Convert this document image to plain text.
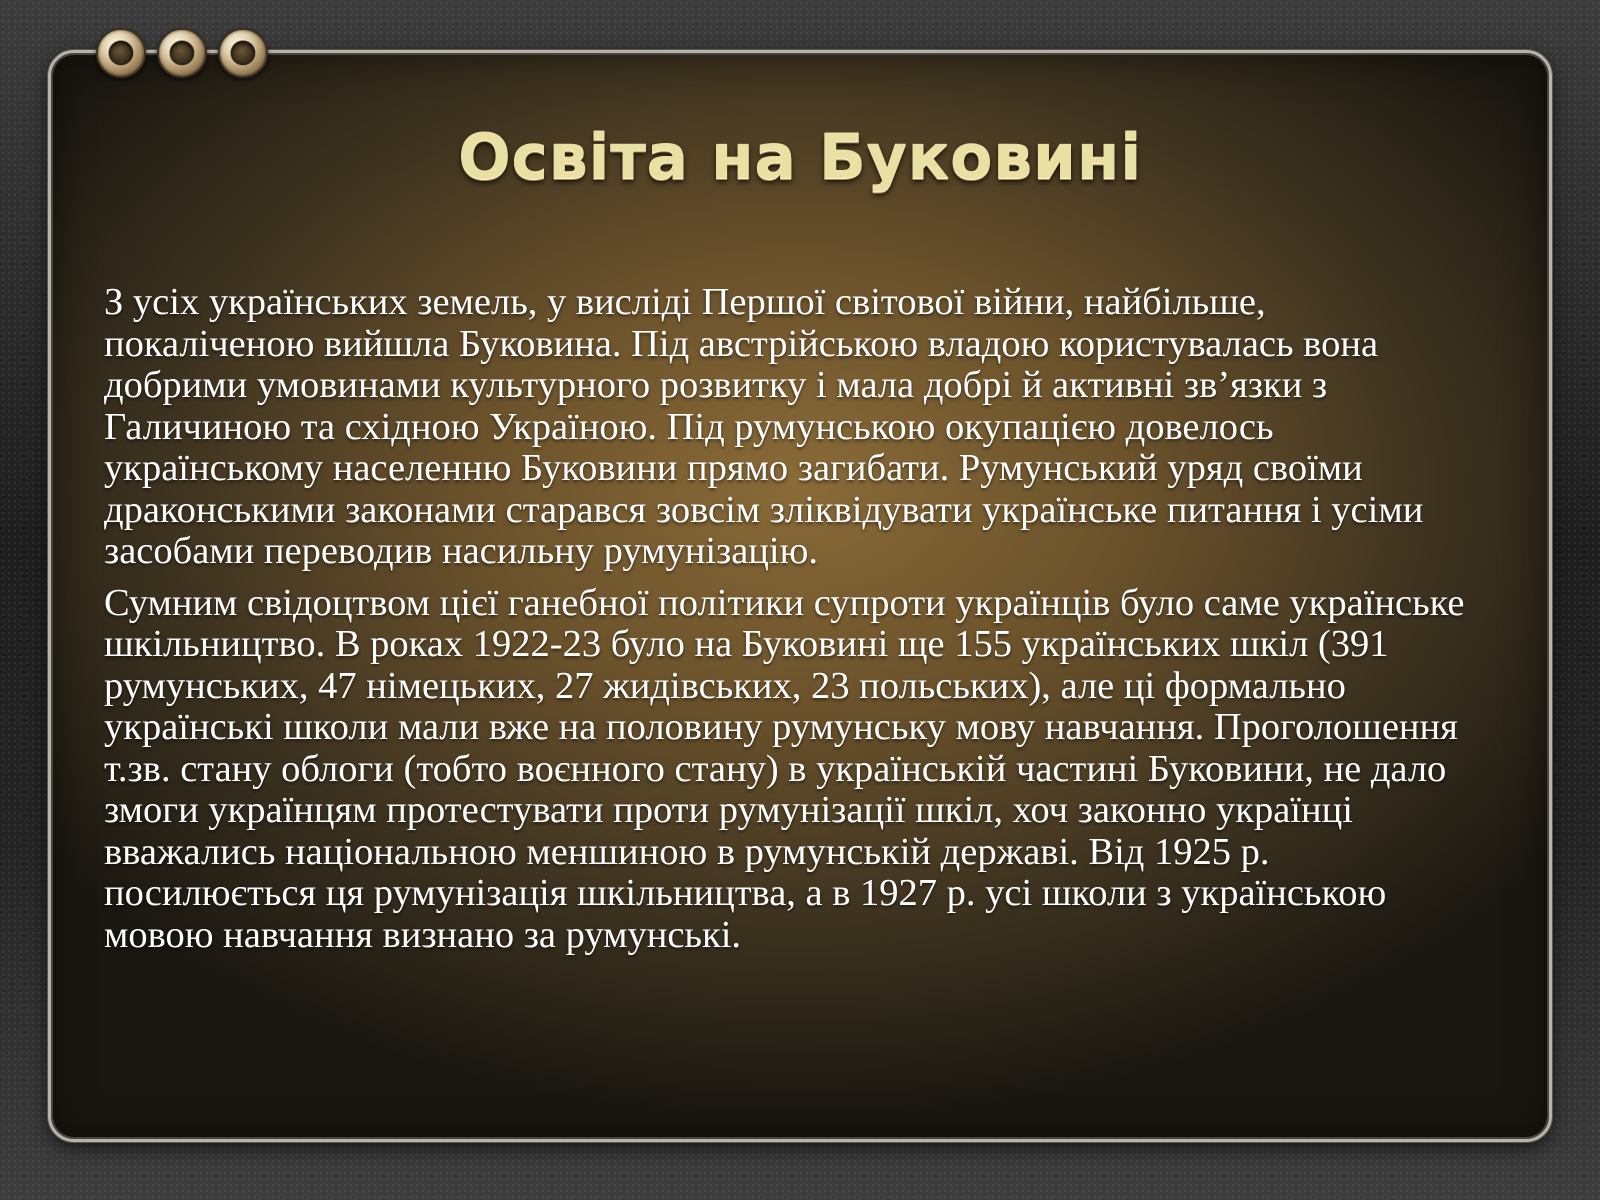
Освіта на Буковині

З усіх українських земель, у висліді Першої світової війни, найбільше, покаліченою вийшла Буковина. Під австрійською владою користувалась вона добрими умовинами культурного розвитку і мала добрі й активні зв’язки з Галичиною та східною Україною. Під румунською окупацією довелось українському населенню Буковини прямо загибати. Румунський уряд своїми драконськими законами старався зовсім зліквідувати українське питання і усіми засобами переводив насильну румунізацію.

Сумним свідоцтвом цієї ганебної політики супроти українців було саме українське шкільництво. В роках 1922-23 було на Буковині ще 155 українських шкіл (391 румунських, 47 німецьких, 27 жидівських, 23 польських), але ці формально українські школи мали вже на половину румунську мову навчання. Проголошення т.зв. стану облоги (тобто воєнного стану) в українській частині Буковини, не дало змоги українцям протестувати проти румунізації шкіл, хоч законно українці вважались національною меншиною в румунській державі. Від 1925 р. посилюється ця румунізація шкільництва, а в 1927 р. усі школи з українською мовою навчання визнано за румунські.
